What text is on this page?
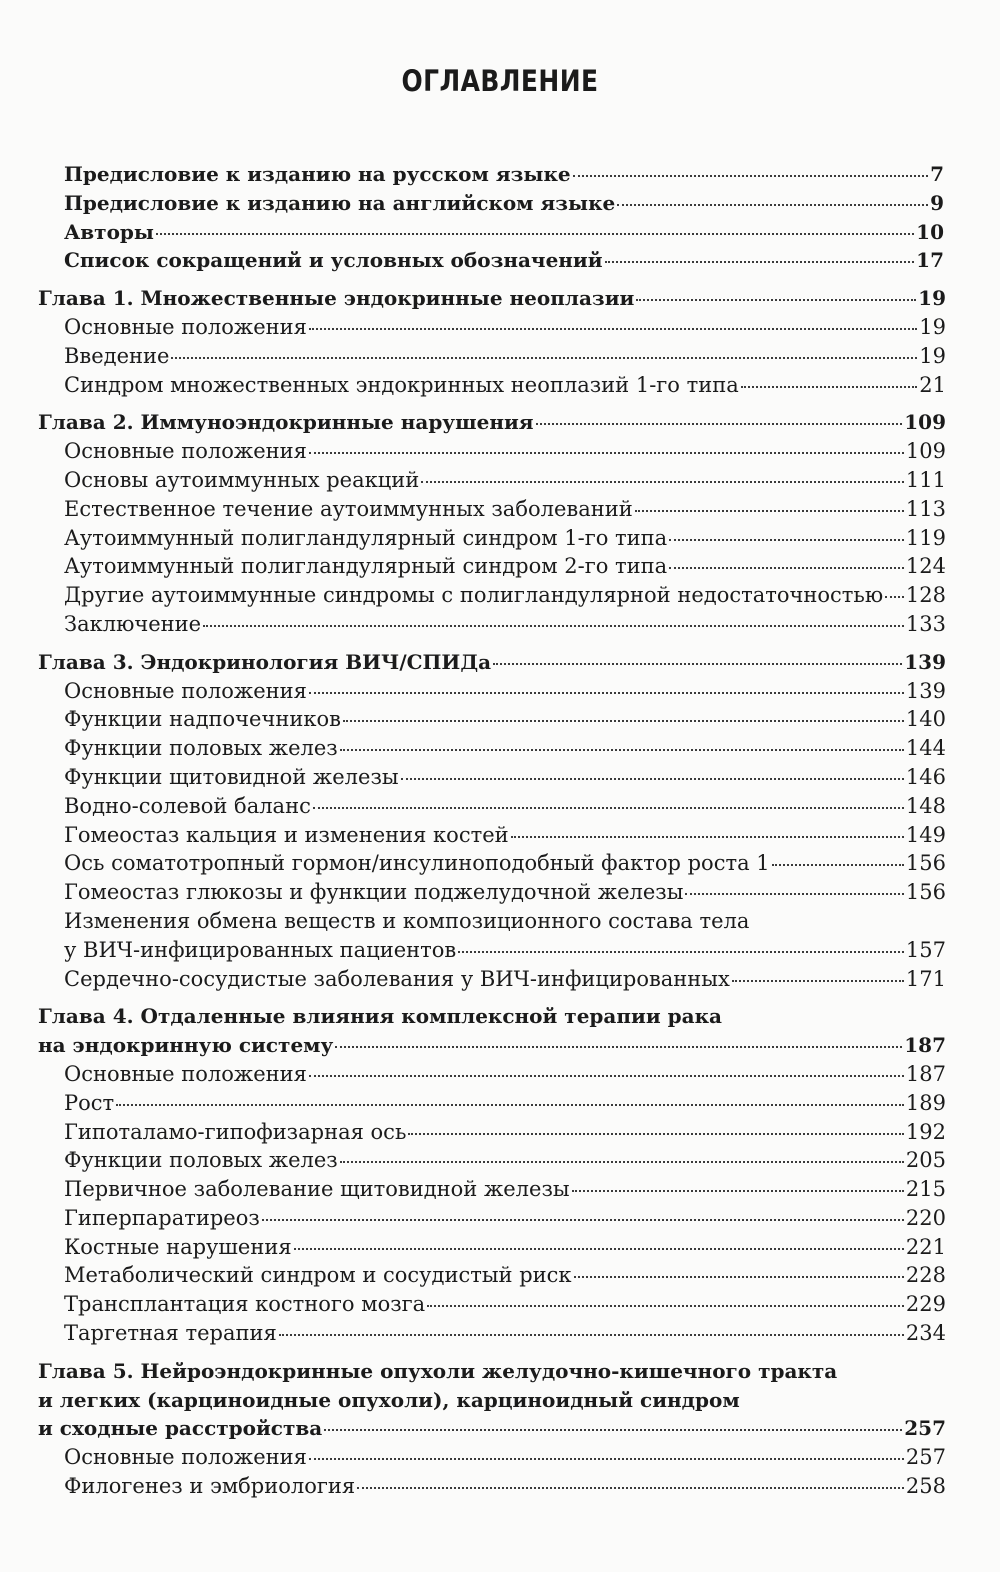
ОГЛАВЛЕНИЕ
Предисловие к изданию на русском языке	7
Предисловие к изданию на английском языке	9
Авторы	10
Список сокращений и условных обозначений	17
Глава 1. Множественные эндокринные неоплазии	19
Основные положения	19
Введение	19
Синдром множественных эндокринных неоплазий 1-го типа	21
Глава 2. Иммуноэндокринные нарушения	109
Основные положения	109
Основы аутоиммунных реакций	111
Естественное течение аутоиммунных заболеваний	113
Аутоиммунный полигландулярный синдром 1-го типа	119
Аутоиммунный полигландулярный синдром 2-го типа	124
Другие аутоиммунные синдромы с полигландулярной недостаточностью 128
Заключение	133
Глава 3. Эндокринология ВИЧ/СПИДа	139
Основные положения	139
Функции надпочечников	140
Функции половых желез	144
Функции щитовидной железы	146
Водно-солевой баланс	148
Гомеостаз кальция и изменения костей	149
Ось соматотропный гормон/инсулиноподобный фактор роста 1	156
Гомеостаз глюкозы и функции поджелудочной железы	156
Изменения обмена веществ и композиционного состава тела
у ВИЧ-инфицированных пациентов	157
Сердечно-сосудистые заболевания у ВИЧ-инфицированных	171
Глава 4. Отдаленные влияния комплексной терапии рака
на эндокринную систему	187
Основные положения	187
Рост	189
Гипоталамо-гипофизарная ось	192
Функции половых желез	205
Первичное заболевание щитовидной железы	215
Гиперпаратиреоз	220
Костные нарушения	221
Метаболический синдром и сосудистый риск	228
Трансплантация костного мозга	229
Таргетная терапия	234
Глава 5. Нейроэндокринные опухоли желудочно-кишечного тракта
и легких (карциноидные опухоли), карциноидный синдром
и сходные расстройства	257
Основные положения	257
Филогенез и эмбриология	258
